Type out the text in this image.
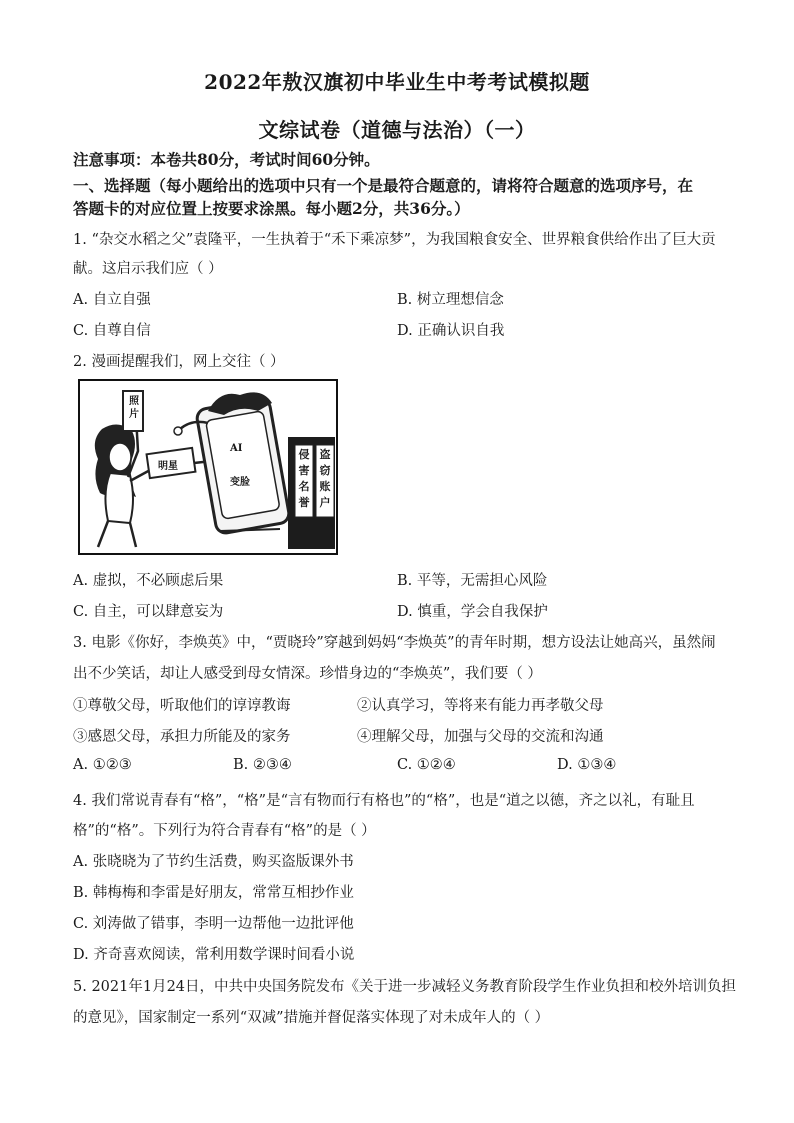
2022年敖汉旗初中毕业生中考考试模拟题
文综试卷（道德与法治）（一）
注意事项：本卷共80分，考试时间60分钟。
一、选择题（每小题给出的选项中只有一个是最符合题意的，请将符合题意的选项序号，在
答题卡的对应位置上按要求涂黑。每小题2分，共36分。）
1. “杂交水稻之父”袁隆平，一生执着于“禾下乘凉梦”，为我国粮食安全、世界粮食供给作出了巨大贡
献。这启示我们应（ ）
A. 自立自强	B. 树立理想信念
C. 自尊自信	D. 正确认识自我
2. 漫画提醒我们，网上交往（ ）
照片
明星
AI
变脸
侵害名誉
盗窃账户
A. 虚拟，不必顾虑后果	B. 平等，无需担心风险
C. 自主，可以肆意妄为	D. 慎重，学会自我保护
3. 电影《你好，李焕英》中，“贾晓玲”穿越到妈妈“李焕英”的青年时期，想方设法让她高兴，虽然闹
出不少笑话，却让人感受到母女情深。珍惜身边的“李焕英”，我们要（ ）
①尊敬父母，听取他们的谆谆教诲	②认真学习，等将来有能力再孝敬父母
③感恩父母，承担力所能及的家务	④理解父母，加强与父母的交流和沟通
A. ①②③	B. ②③④	C. ①②④	D. ①③④
4. 我们常说青春有“格”，“格”是“言有物而行有格也”的“格”，也是“道之以德，齐之以礼，有耻且
格”的“格”。下列行为符合青春有“格”的是（ ）
A. 张晓晓为了节约生活费，购买盗版课外书
B. 韩梅梅和李雷是好朋友，常常互相抄作业
C. 刘涛做了错事，李明一边帮他一边批评他
D. 齐奇喜欢阅读，常利用数学课时间看小说
5. 2021年1月24日，中共中央国务院发布《关于进一步减轻义务教育阶段学生作业负担和校外培训负担
的意见》，国家制定一系列“双减”措施并督促落实体现了对未成年人的（ ）
